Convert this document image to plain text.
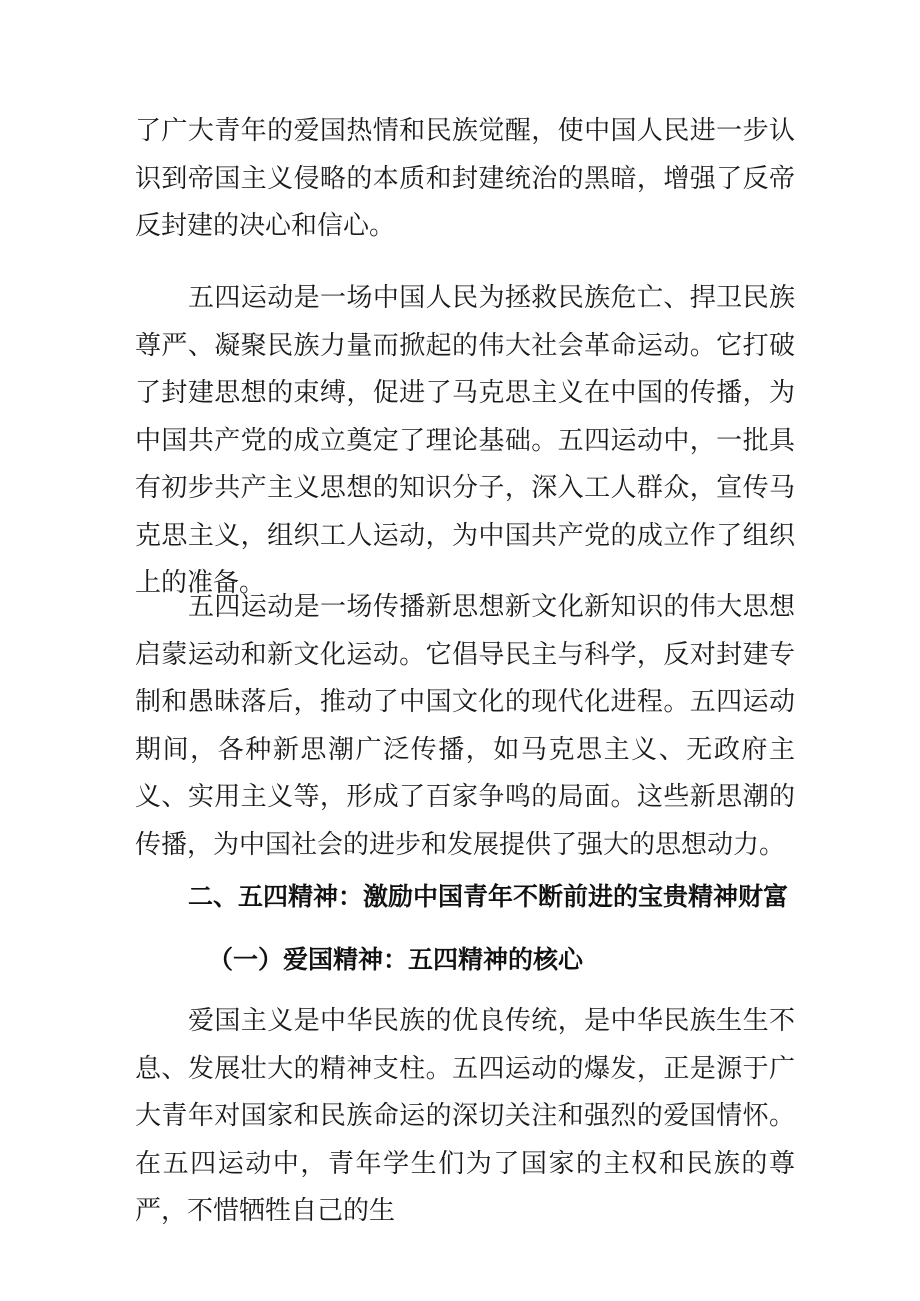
了广大青年的爱国热情和民族觉醒，使中国人民进一步认识到帝国主义侵略的本质和封建统治的黑暗，增强了反帝反封建的决心和信心。

五四运动是一场中国人民为拯救民族危亡、捍卫民族尊严、凝聚民族力量而掀起的伟大社会革命运动。它打破了封建思想的束缚，促进了马克思主义在中国的传播，为中国共产党的成立奠定了理论基础。五四运动中，一批具有初步共产主义思想的知识分子，深入工人群众，宣传马克思主义，组织工人运动，为中国共产党的成立作了组织上的准备。

五四运动是一场传播新思想新文化新知识的伟大思想启蒙运动和新文化运动。它倡导民主与科学，反对封建专制和愚昧落后，推动了中国文化的现代化进程。五四运动期间，各种新思潮广泛传播，如马克思主义、无政府主义、实用主义等，形成了百家争鸣的局面。这些新思潮的传播，为中国社会的进步和发展提供了强大的思想动力。

二、五四精神：激励中国青年不断前进的宝贵精神财富
（一）爱国精神：五四精神的核心

爱国主义是中华民族的优良传统，是中华民族生生不息、发展壮大的精神支柱。五四运动的爆发，正是源于广大青年对国家和民族命运的深切关注和强烈的爱国情怀。在五四运动中，青年学生们为了国家的主权和民族的尊严，不惜牺牲自己的生
